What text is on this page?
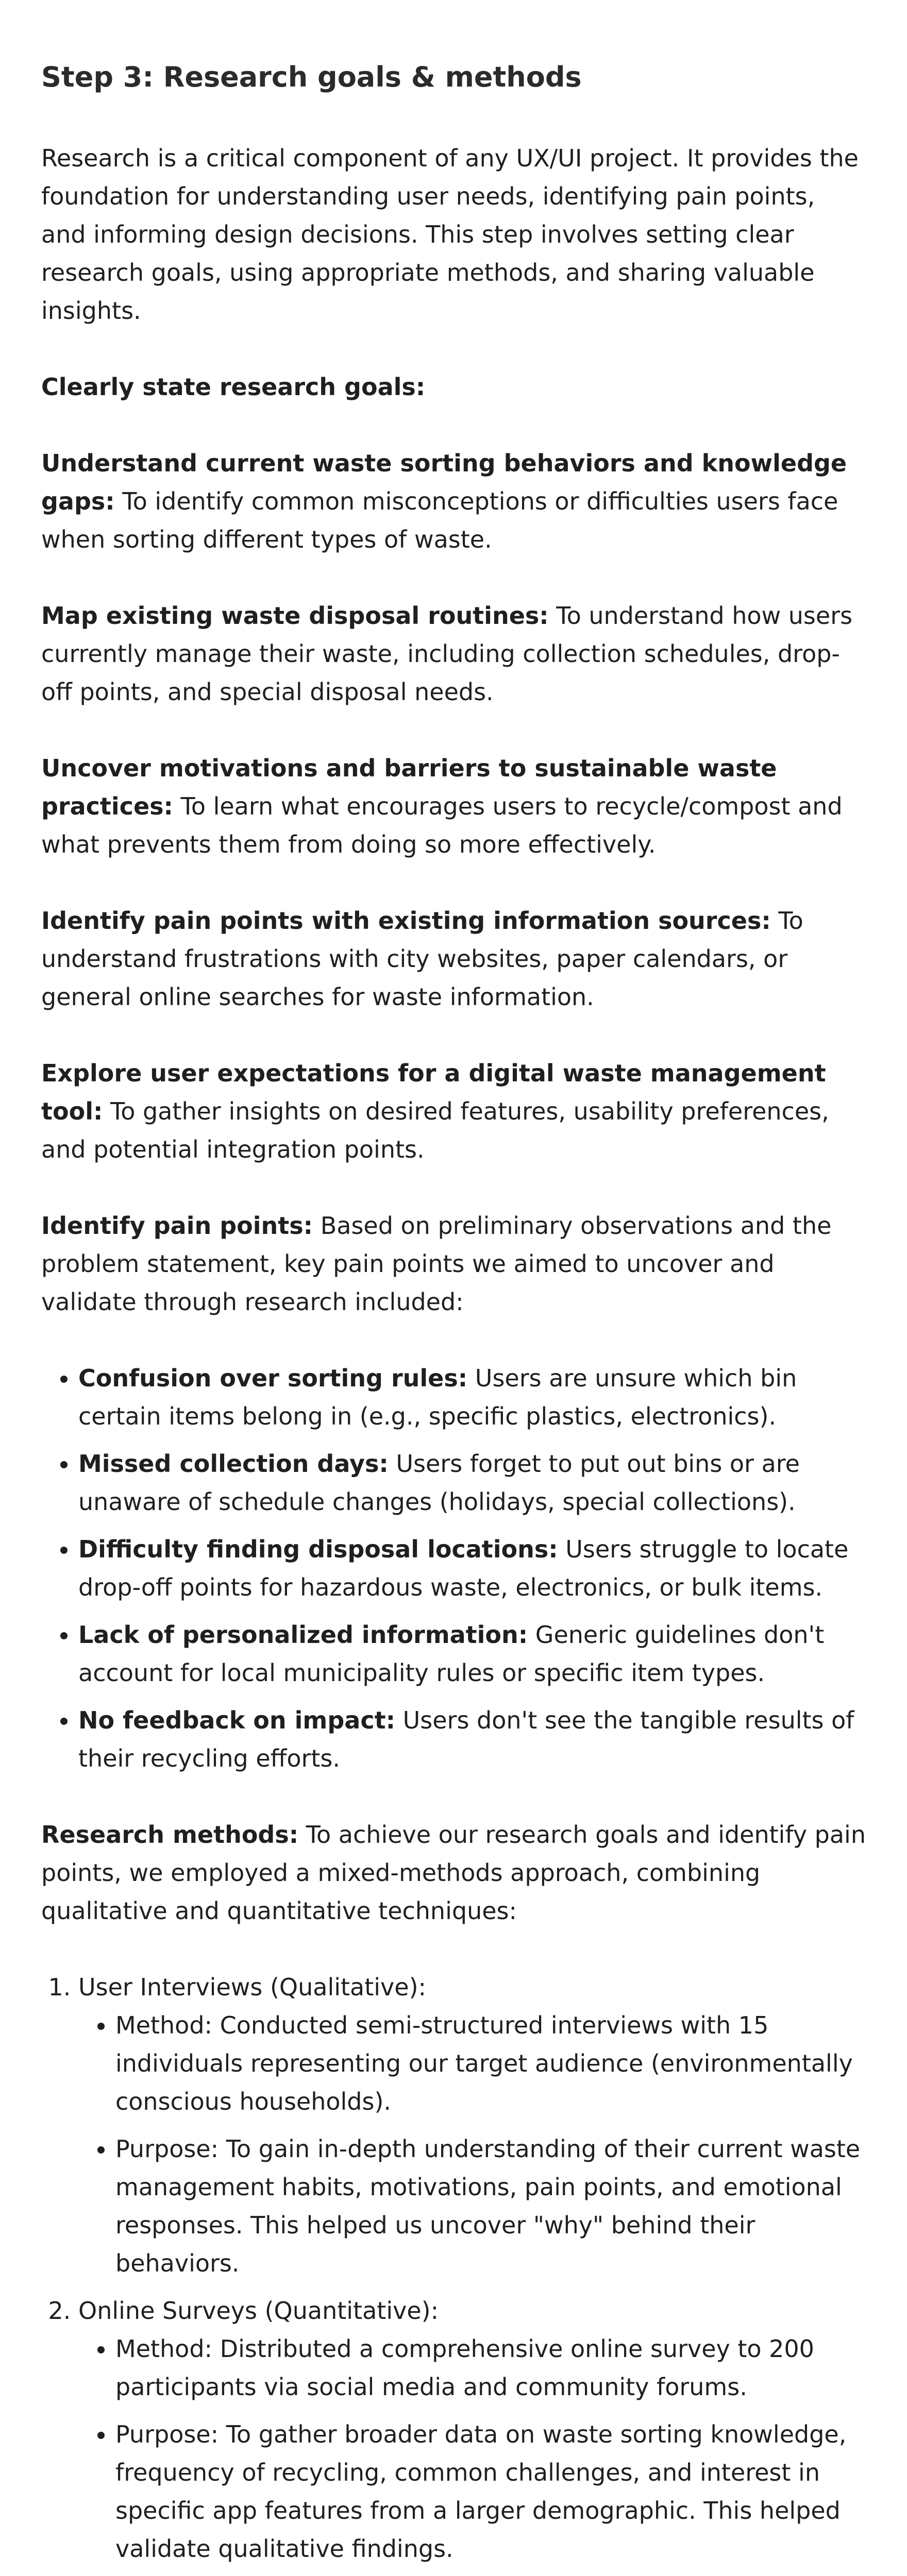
Step 3: Research goals & methods

Research is a critical component of any UX/UI project. It provides the foundation for understanding user needs, identifying pain points, and informing design decisions. This step involves setting clear research goals, using appropriate methods, and sharing valuable insights.

Clearly state research goals:

Understand current waste sorting behaviors and knowledge gaps: To identify common misconceptions or difficulties users face when sorting different types of waste.

Map existing waste disposal routines: To understand how users currently manage their waste, including collection schedules, drop-off points, and special disposal needs.

Uncover motivations and barriers to sustainable waste practices: To learn what encourages users to recycle/compost and what prevents them from doing so more effectively.

Identify pain points with existing information sources: To understand frustrations with city websites, paper calendars, or general online searches for waste information.

Explore user expectations for a digital waste management tool: To gather insights on desired features, usability preferences, and potential integration points.

Identify pain points: Based on preliminary observations and the problem statement, key pain points we aimed to uncover and validate through research included:

• Confusion over sorting rules: Users are unsure which bin certain items belong in (e.g., specific plastics, electronics).
• Missed collection days: Users forget to put out bins or are unaware of schedule changes (holidays, special collections).
• Difficulty finding disposal locations: Users struggle to locate drop-off points for hazardous waste, electronics, or bulk items.
• Lack of personalized information: Generic guidelines don't account for local municipality rules or specific item types.
• No feedback on impact: Users don't see the tangible results of their recycling efforts.

Research methods: To achieve our research goals and identify pain points, we employed a mixed-methods approach, combining qualitative and quantitative techniques:

1. User Interviews (Qualitative):
• Method: Conducted semi-structured interviews with 15 individuals representing our target audience (environmentally conscious households).
• Purpose: To gain in-depth understanding of their current waste management habits, motivations, pain points, and emotional responses. This helped us uncover "why" behind their behaviors.
2. Online Surveys (Quantitative):
• Method: Distributed a comprehensive online survey to 200 participants via social media and community forums.
• Purpose: To gather broader data on waste sorting knowledge, frequency of recycling, common challenges, and interest in specific app features from a larger demographic. This helped validate qualitative findings.
